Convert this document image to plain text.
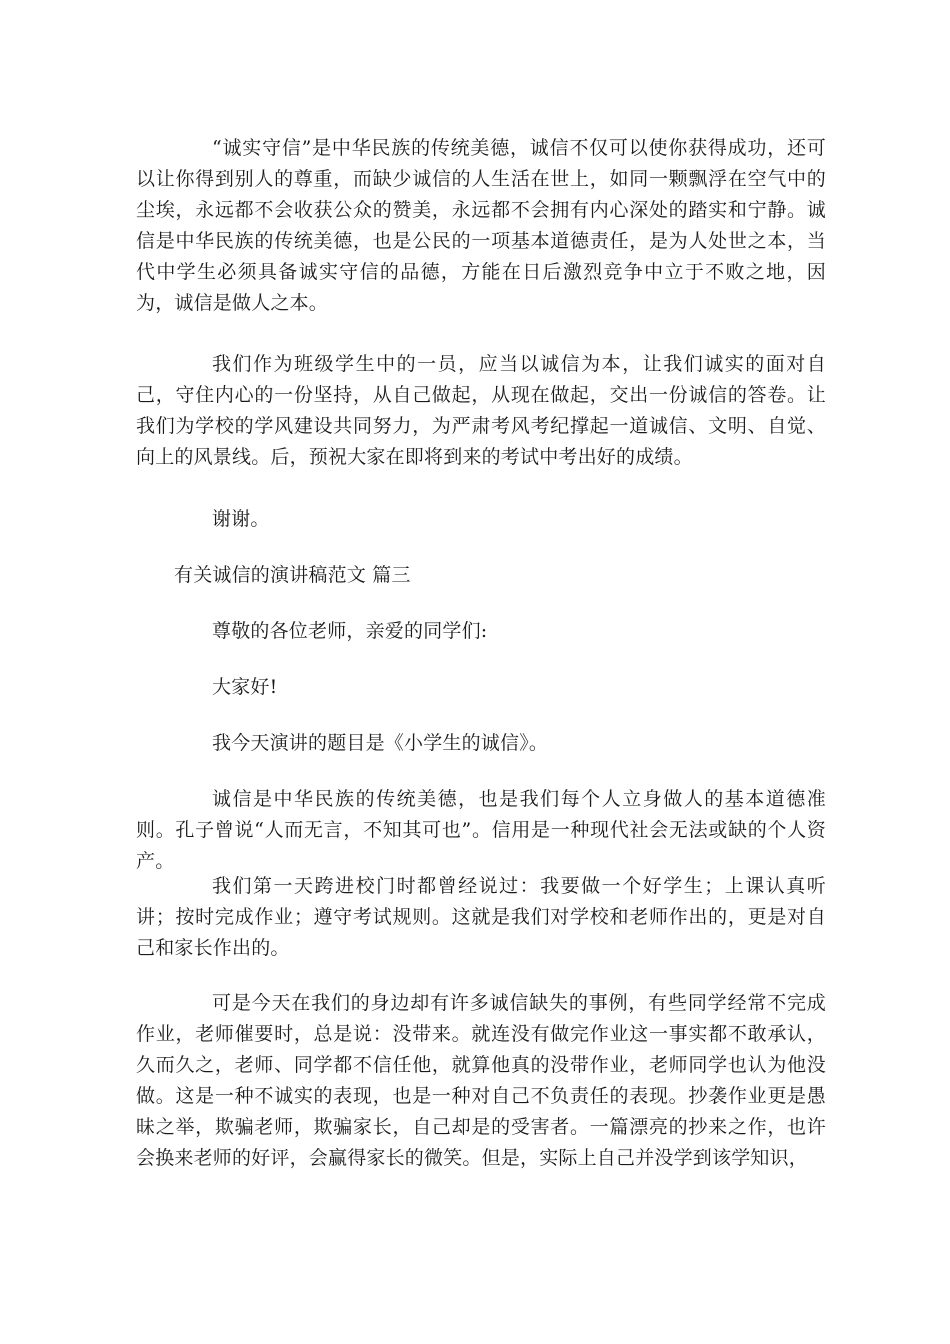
“诚实守信”是中华民族的传统美德，诚信不仅可以使你获得成功，还可以让你得到别人的尊重，而缺少诚信的人生活在世上，如同一颗飘浮在空气中的尘埃，永远都不会收获公众的赞美，永远都不会拥有内心深处的踏实和宁静。诚信是中华民族的传统美德，也是公民的一项基本道德责任，是为人处世之本，当代中学生必须具备诚实守信的品德，方能在日后激烈竞争中立于不败之地，因为，诚信是做人之本。

我们作为班级学生中的一员，应当以诚信为本，让我们诚实的面对自己，守住内心的一份坚持，从自己做起，从现在做起，交出一份诚信的答卷。让我们为学校的学风建设共同努力，为严肃考风考纪撑起一道诚信、文明、自觉、向上的风景线。后，预祝大家在即将到来的考试中考出好的成绩。

谢谢。

有关诚信的演讲稿范文 篇三

尊敬的各位老师，亲爱的同学们:

大家好!

我今天演讲的题目是《小学生的诚信》。

诚信是中华民族的传统美德，也是我们每个人立身做人的基本道德准则。孔子曾说“人而无言，不知其可也”。信用是一种现代社会无法或缺的个人资产。

我们第一天跨进校门时都曾经说过：我要做一个好学生；上课认真听讲；按时完成作业；遵守考试规则。这就是我们对学校和老师作出的，更是对自己和家长作出的。

可是今天在我们的身边却有许多诚信缺失的事例，有些同学经常不完成作业，老师催要时，总是说：没带来。就连没有做完作业这一事实都不敢承认，久而久之，老师、同学都不信任他，就算他真的没带作业，老师同学也认为他没做。这是一种不诚实的表现，也是一种对自己不负责任的表现。抄袭作业更是愚昧之举，欺骗老师，欺骗家长，自己却是的受害者。一篇漂亮的抄来之作，也许会换来老师的好评，会赢得家长的微笑。但是，实际上自己并没学到该学知识，
